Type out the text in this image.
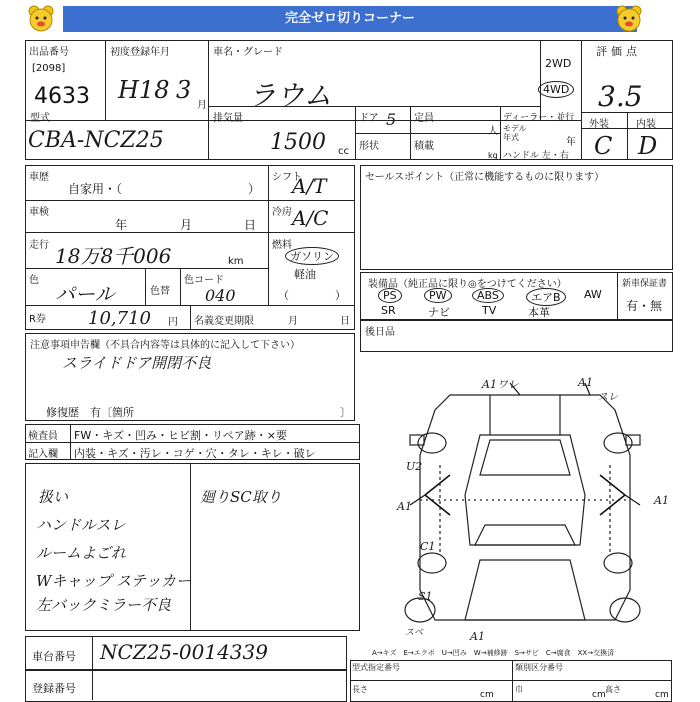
完全ゼロ切りコーナー
出品番号
[2098]
4633
初度登録年月
H18 3
月
車名・グレード
ラウム
2WD
4WD
評価点
3.5
外装	内装
C D
型式
CBA-NCZ25
排気量
1500 cc
ドア 5 定員
人
形状	積載
kg
ディーラー・並行
モデル年式	年
ハンドル 左・右
車歴
自家用・（	）
車検
年	月	日
走行 18万8千006	km
色
パール	色替
色コード
040
シフト
A/T
冷房 A/C
燃料
ガソリン
軽油
（	）
R券 10,710 円 名義変更期限	月	日
セールスポイント（正常に機能するものに限ります）
装備品（純正品に限り◎をつけてください）	新車保証書
有・無
PS	PW	ABS	エアB	AW
SR	ナビ	TV	本革
後日品
注意事項申告欄（不具合内容等は具体的に記入して下さい）
スライドドア開閉不良
修復歴　有〔箇所	〕
検査員
記入欄
FW・キズ・凹み・ヒビ割・リペア跡・×要
内装・キズ・汚レ・コゲ・穴・タレ・キレ・破レ
扱い
ハンドルスレ
ルームよごれ
Wキャップ ステッカー
左バックミラー不良
廻りSC取り
A1ワレ	A1
スレ
U2
A1	A1
C1
S1
スベ	A1
A→キズ　E→エクボ　U→凹み　W→補修跡　S→サビ　C→腐食　XX→交換済
車台番号 NCZ25-0014339
登録番号
型式指定番号	類別区分番号
長さ
cm
巾
cm
高さ
cm
